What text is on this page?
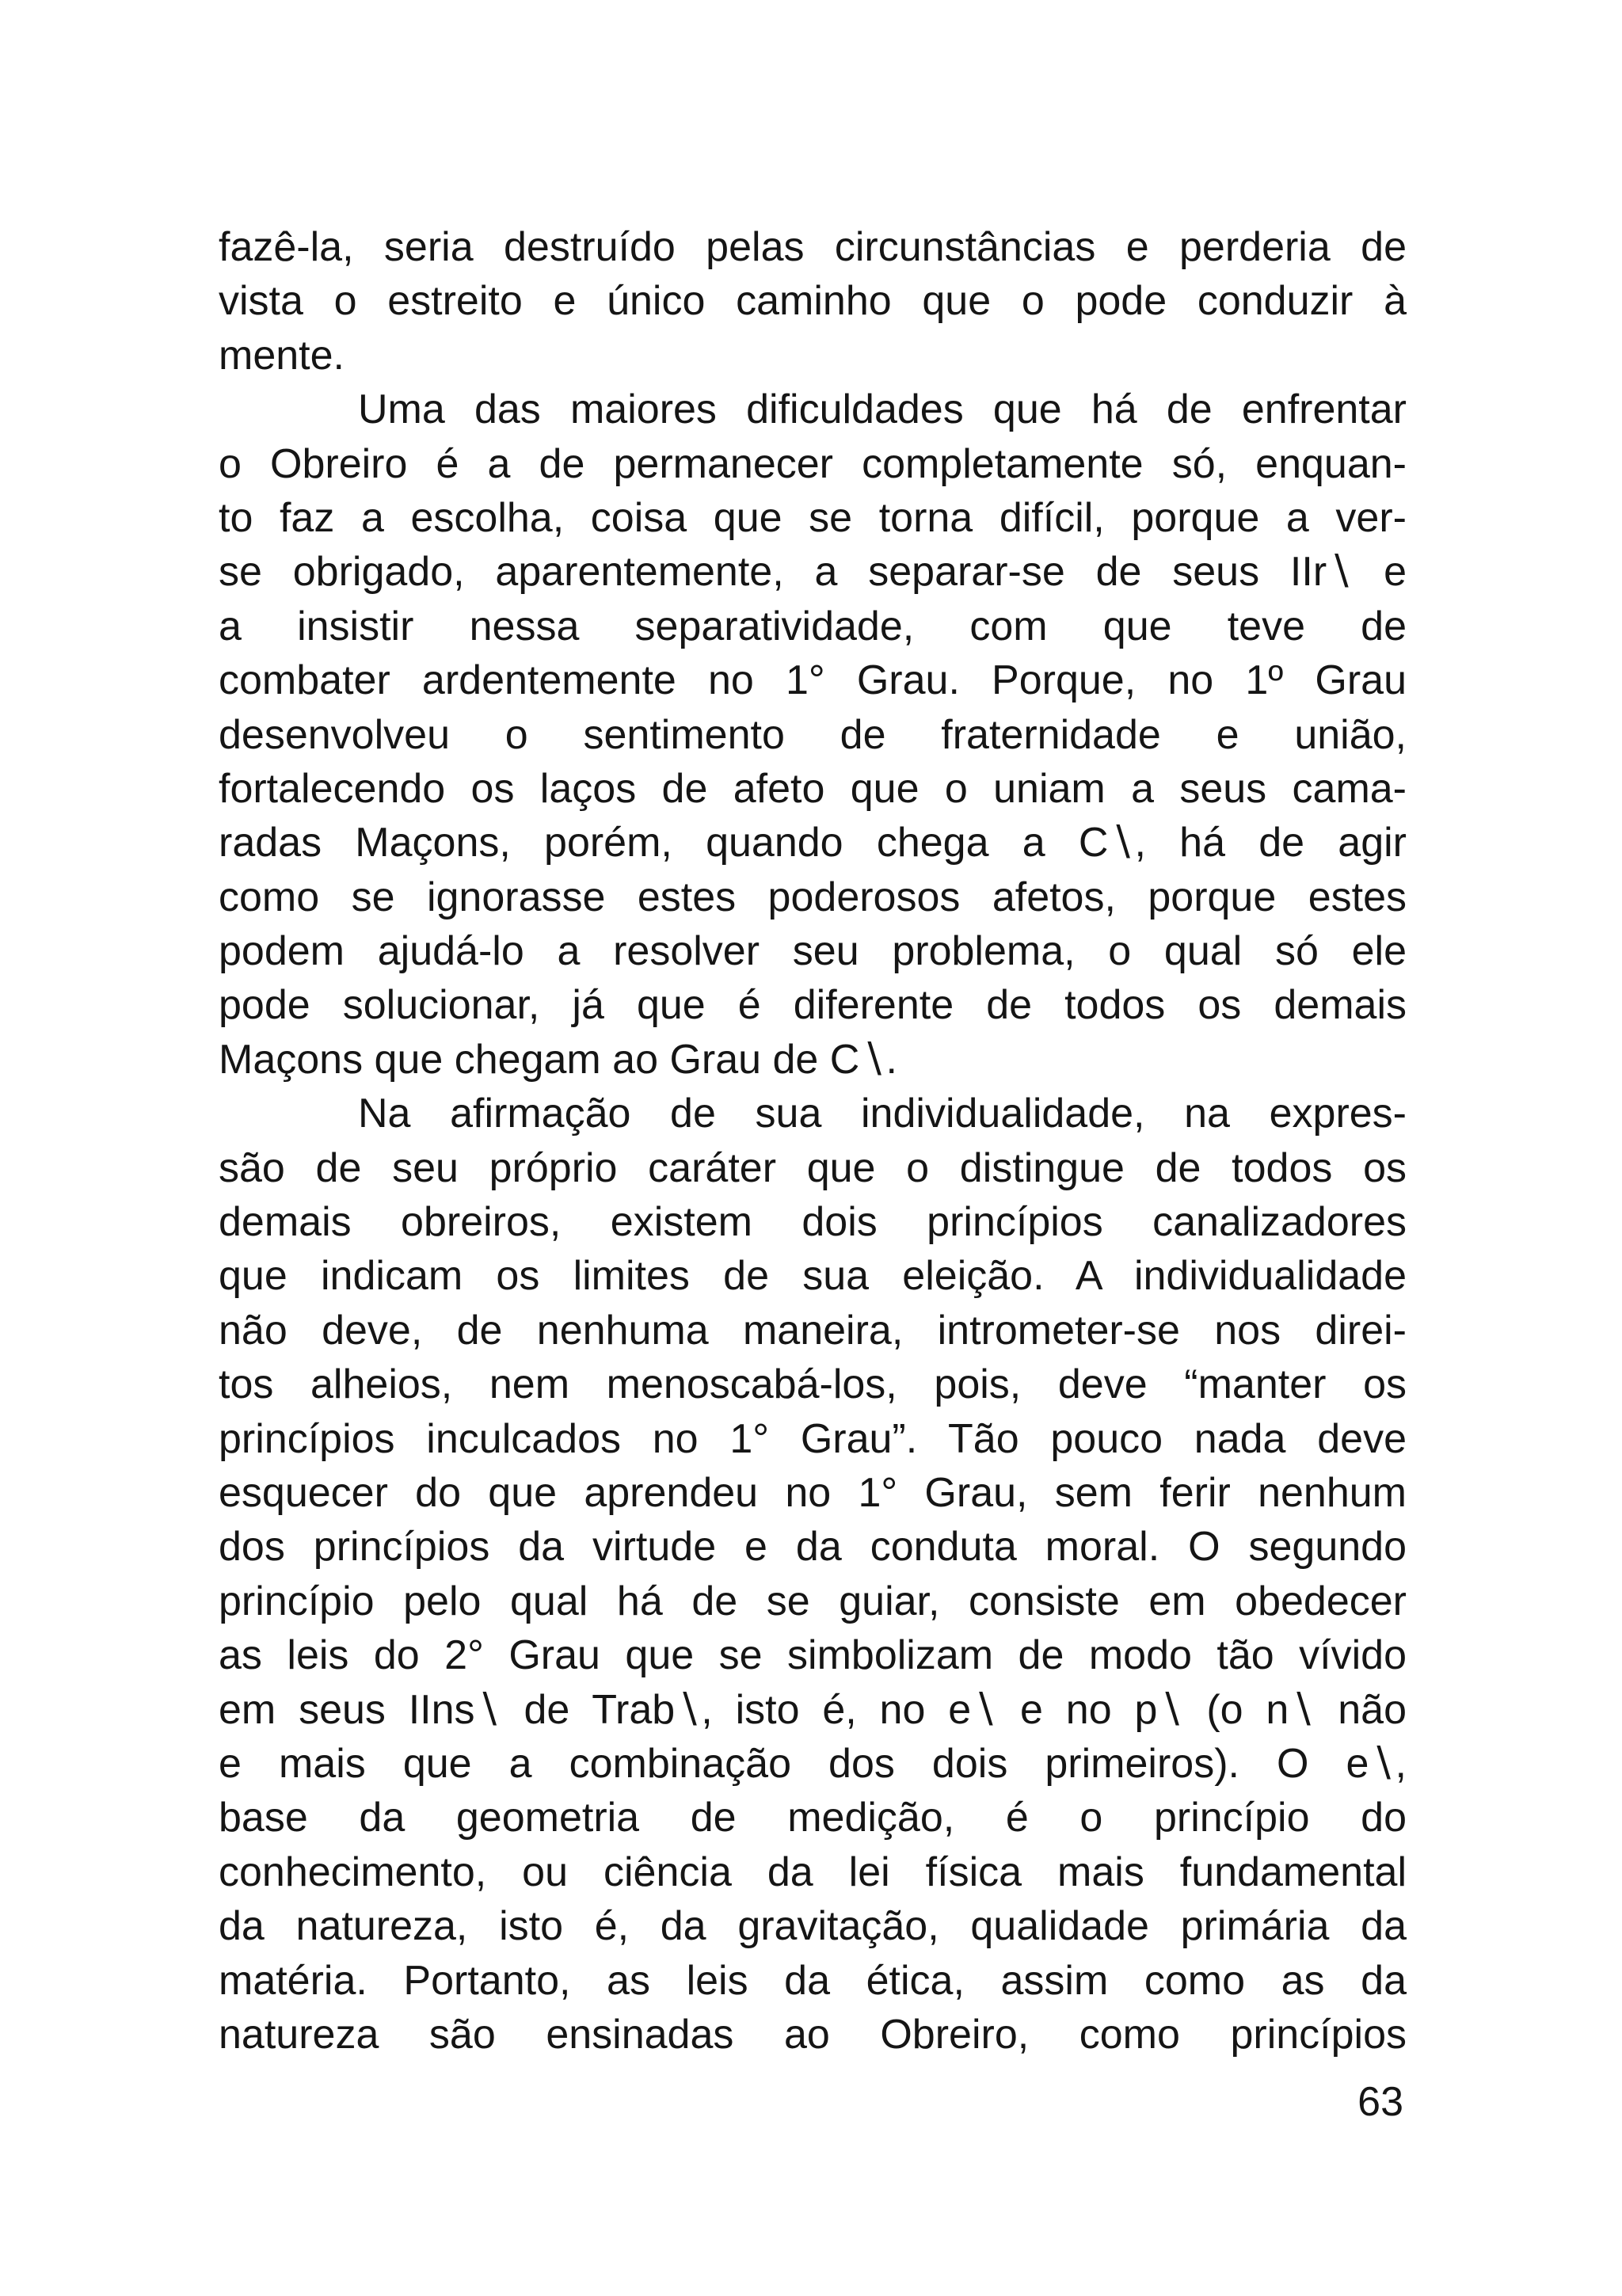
fazê-la, seria destruído pelas circunstâncias e perderia de
vista o estreito e único caminho que o pode conduzir à
mente.
Uma das maiores dificuldades que há de enfrentar
o Obreiro é a de permanecer completamente só, enquan-
to faz a escolha, coisa que se torna difícil, porque a ver-
se obrigado, aparentemente, a separar-se de seus IIr∖ e
a insistir nessa separatividade, com que teve de
combater ardentemente no 1° Grau. Porque, no 1º Grau
desenvolveu o sentimento de fraternidade e união,
fortalecendo os laços de afeto que o uniam a seus cama-
radas Maçons, porém, quando chega a C∖, há de agir
como se ignorasse estes poderosos afetos, porque estes
podem ajudá-lo a resolver seu problema, o qual só ele
pode solucionar, já que é diferente de todos os demais
Maçons que chegam ao Grau de C∖.
Na afirmação de sua individualidade, na expres-
são de seu próprio caráter que o distingue de todos os
demais obreiros, existem dois princípios canalizadores
que indicam os limites de sua eleição. A individualidade
não deve, de nenhuma maneira, intrometer-se nos direi-
tos alheios, nem menoscabá-los, pois, deve “manter os
princípios inculcados no 1° Grau”. Tão pouco nada deve
esquecer do que aprendeu no 1° Grau, sem ferir nenhum
dos princípios da virtude e da conduta moral. O segundo
princípio pelo qual há de se guiar, consiste em obedecer
as leis do 2° Grau que se simbolizam de modo tão vívido
em seus IIns∖ de Trab∖, isto é, no e∖ e no p∖ (o n∖ não
e mais que a combinação dos dois primeiros). O e∖,
base da geometria de medição, é o princípio do
conhecimento, ou ciência da lei física mais fundamental
da natureza, isto é, da gravitação, qualidade primária da
matéria. Portanto, as leis da ética, assim como as da
natureza são ensinadas ao Obreiro, como princípios
63
